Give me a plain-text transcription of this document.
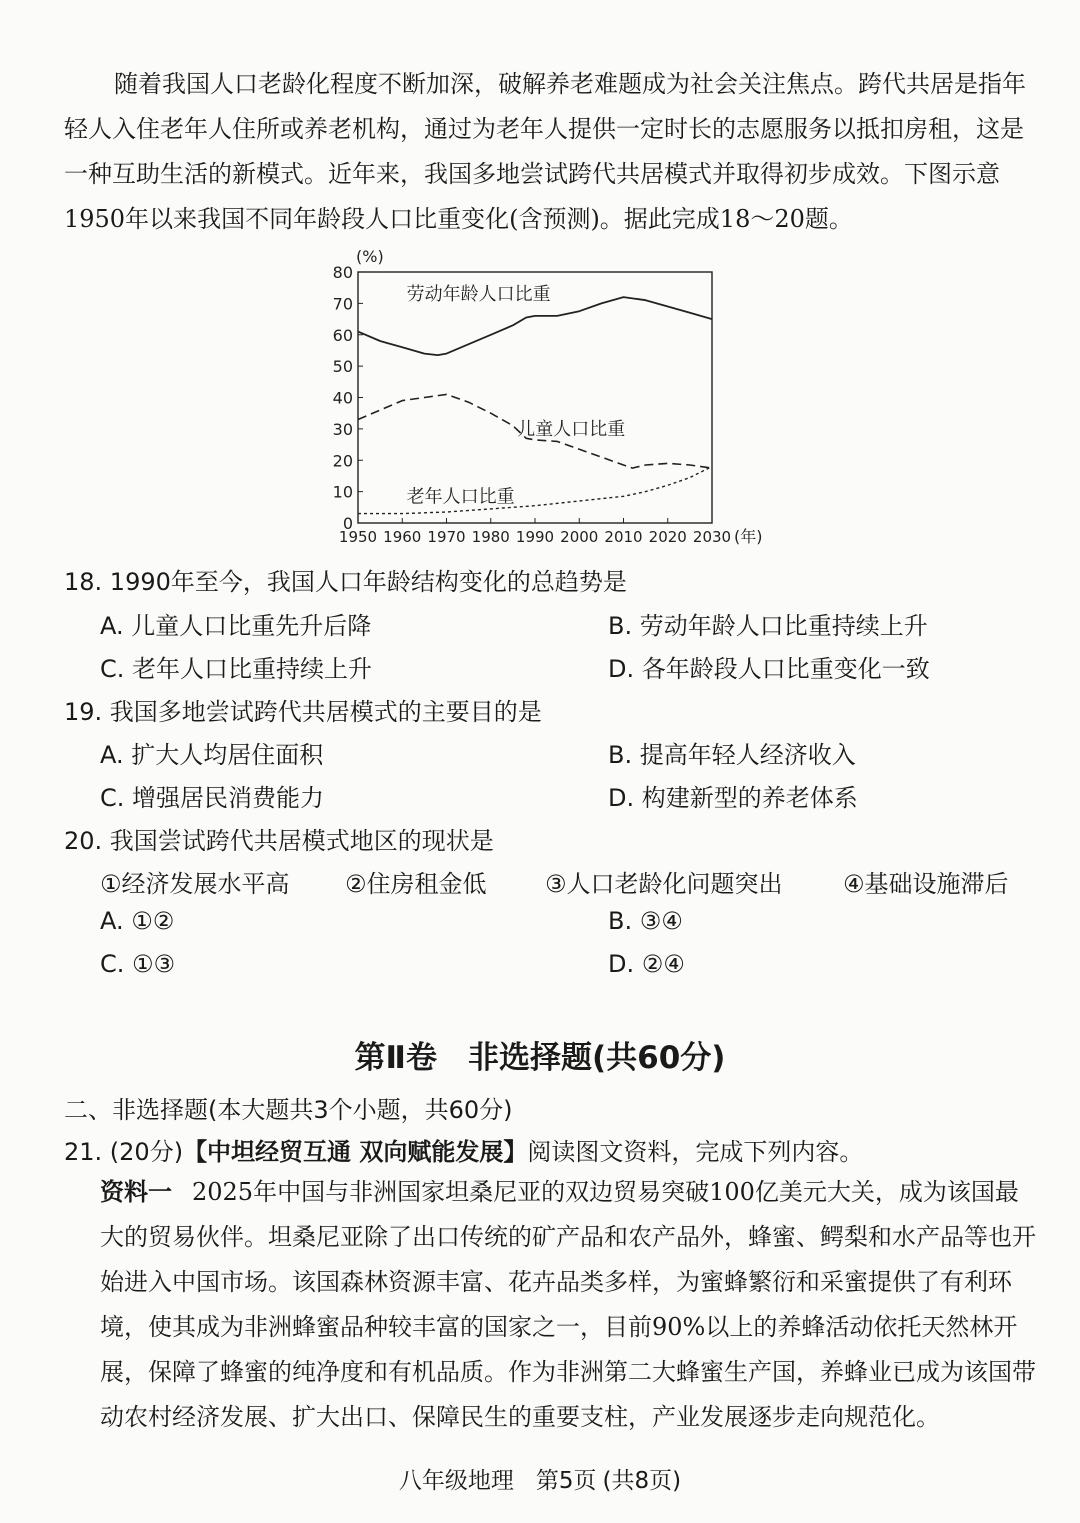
随着我国人口老龄化程度不断加深，破解养老难题成为社会关注焦点。跨代共居是指年轻人入住老年人住所或养老机构，通过为老年人提供一定时长的志愿服务以抵扣房租，这是一种互助生活的新模式。近年来，我国多地尝试跨代共居模式并取得初步成效。下图示意1950年以来我国不同年龄段人口比重变化(含预测)。据此完成18～20题。

0
10
20
30
40
50
60
70
80
1950 1960 1970 1980 1990 2000 2010 2020 2030
(%)
(年)
劳动年龄人口比重
儿童人口比重
老年人口比重
18. 1990年至今，我国人口年龄结构变化的总趋势是
A. 儿童人口比重先升后降	B. 劳动年龄人口比重持续上升
C. 老年人口比重持续上升	D. 各年龄段人口比重变化一致
19. 我国多地尝试跨代共居模式的主要目的是
A. 扩大人均居住面积	B. 提高年轻人经济收入
C. 增强居民消费能力	D. 构建新型的养老体系
20. 我国尝试跨代共居模式地区的现状是
①经济发展水平高 ②住房租金低 ③人口老龄化问题突出	④基础设施滞后
A. ①②	B. ③④
C. ①③	D. ②④
第Ⅱ卷　非选择题(共60分)
二、非选择题(本大题共3个小题，共60分)
21. (20分)【中坦经贸互通 双向赋能发展】阅读图文资料，完成下列内容。

资料一 2025年中国与非洲国家坦桑尼亚的双边贸易突破100亿美元大关，成为该国最大的贸易伙伴。坦桑尼亚除了出口传统的矿产品和农产品外，蜂蜜、鳄梨和水产品等也开始进入中国市场。该国森林资源丰富、花卉品类多样，为蜜蜂繁衍和采蜜提供了有利环境，使其成为非洲蜂蜜品种较丰富的国家之一，目前90%以上的养蜂活动依托天然林开展，保障了蜂蜜的纯净度和有机品质。作为非洲第二大蜂蜜生产国，养蜂业已成为该国带动农村经济发展、扩大出口、保障民生的重要支柱，产业发展逐步走向规范化。

八年级地理 第5页 (共8页)
